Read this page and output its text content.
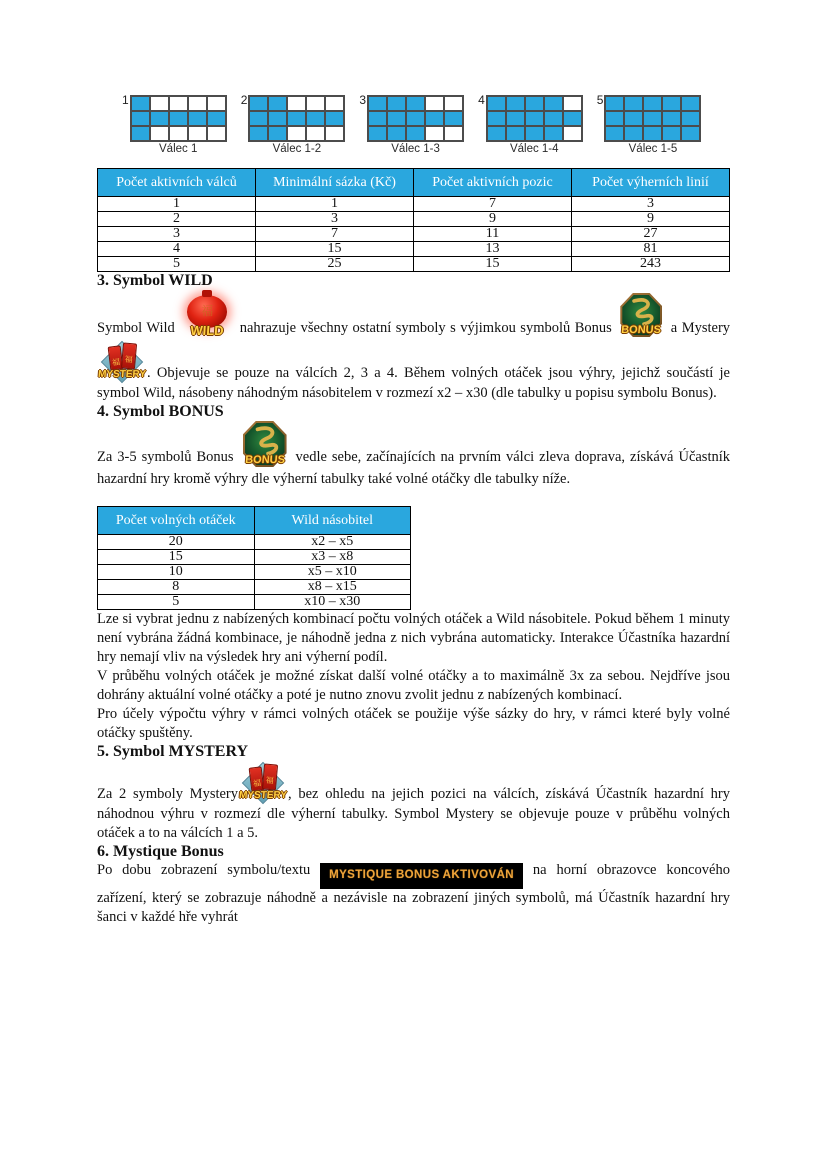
1
Válec 1
2
Válec 1-2
3
Válec 1-3
4
Válec 1-4
5
Válec 1-5
Počet aktivních válců	Minimální sázka (Kč)	Počet aktivních pozic	Počet výherních linií
1	1	7	3
2	3	9	9
3	7	11	27
4	15	13	81
5	25	15	243
3. Symbol WILD

Symbol Wild
福
WILD	nahrazuje všechny ostatní symboly s výjimkou symbolů Bonus BONUS a Mystery
福 福
MYSTERY . Objevuje se pouze na válcích 2, 3 a 4. Během volných otáček jsou výhry, jejichž součástí je symbol Wild, násobeny náhodným násobitelem v rozmezí x2 – x30 (dle tabulky u popisu symbolu Bonus).

4. Symbol BONUS

Za 3-5 symbolů Bonus BONUS vedle sebe, začínajících na prvním válci zleva doprava, získává Účastník hazardní hry kromě výhry dle výherní tabulky také volné otáčky dle tabulky níže.

Počet volných otáček	Wild násobitel
20	x2 – x5
15	x3 – x8
10	x5 – x10
8	x8 – x15
5	x10 – x30

Lze si vybrat jednu z nabízených kombinací počtu volných otáček a Wild násobitele. Pokud během 1 minuty není vybrána žádná kombinace, je náhodně jedna z nich vybrána automaticky. Interakce Účastníka hazardní hry nemají vliv na výsledek hry ani výherní podíl.

V průběhu volných otáček je možné získat další volné otáčky a to maximálně 3x za sebou. Nejdříve jsou dohrány aktuální volné otáčky a poté je nutno znovu zvolit jednu z nabízených kombinací.

Pro účely výpočtu výhry v rámci volných otáček se použije výše sázky do hry, v rámci které byly volné otáčky spuštěny.

5. Symbol MYSTERY

Za 2 symboly Mystery
福 福
MYSTERY , bez ohledu na jejich pozici na válcích, získává Účastník hazardní hry náhodnou výhru v rozmezí dle výherní tabulky. Symbol Mystery se objevuje pouze v průběhu volných otáček a to na válcích 1 a 5.

6. Mystique Bonus

Po dobu zobrazení symbolu/textu MYSTIQUE BONUS AKTIVOVÁN na horní obrazovce koncového zařízení, který se zobrazuje náhodně a nezávisle na zobrazení jiných symbolů, má Účastník hazardní hry šanci v každé hře vyhrát
